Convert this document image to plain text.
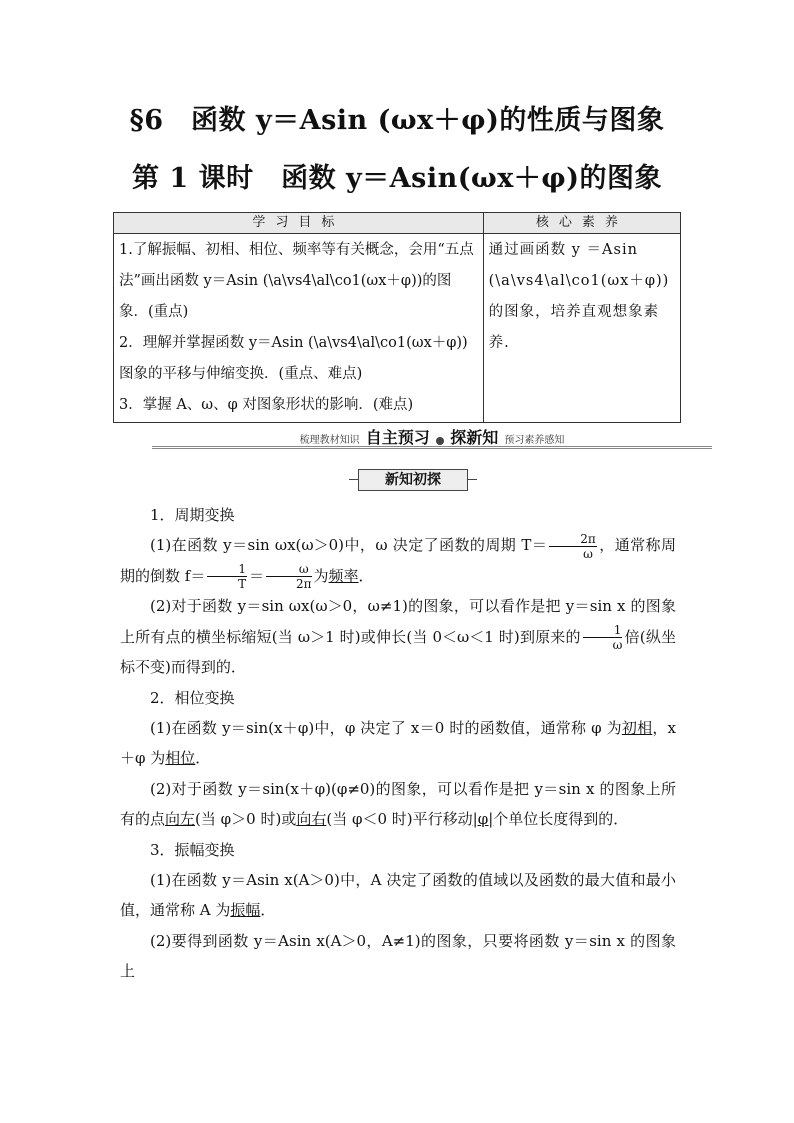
§6　函数 y＝Asin (ωx＋φ)的性质与图象
第 1 课时　函数 y＝Asin(ωx＋φ)的图象
学习目标	核心素养

1.了解振幅、初相、相位、频率等有关概念，会用“五点法”画出函数 y＝Asin (\a\vs4\al\co1(ωx＋φ))的图象．(重点)
2．理解并掌握函数 y＝Asin (\a\vs4\al\co1(ωx＋φ))图象的平移与伸缩变换．(重点、难点)
3．掌握 A、ω、φ 对图象形状的影响．(难点)	通过画函数 y ＝Asin (\a\vs4\al\co1(ωx＋φ))的图象，培养直观想象素养.
梳理教材知识 自主预习 探新知 预习素养感知
新知初探

1．周期变换

(1)在函数 y＝sin ωx(ω＞0)中，ω 决定了函数的周期 $T= \frac{2\pi}{\omega}$ ，通常称周期的倒数 $f= \frac{1}{T} = \frac{\omega}{2\pi}$ 为频率．

(2)对于函数 y＝sin ωx(ω＞0，ω≠1)的图象，可以看作是把 y＝sin x 的图象上所有点的横坐标缩短(当 ω＞1 时)或伸长(当 0＜ω＜1 时)到原来的 $\frac{1}{\omega}$ 倍(纵坐标不变)而得到的．

2．相位变换

(1)在函数 y＝sin(x＋φ)中，φ 决定了 x＝0 时的函数值，通常称 φ 为初相，x＋φ 为相位．

(2)对于函数 y＝sin(x＋φ)(φ≠0)的图象，可以看作是把 y＝sin x 的图象上所有的点向左(当 φ＞0 时)或向右(当 φ＜0 时)平行移动|φ|个单位长度得到的．

3．振幅变换

(1)在函数 y＝Asin x(A＞0)中，A 决定了函数的值域以及函数的最大值和最小值，通常称 A 为振幅．

(2)要得到函数 y＝Asin x(A＞0，A≠1)的图象，只要将函数 y＝sin x 的图象上
